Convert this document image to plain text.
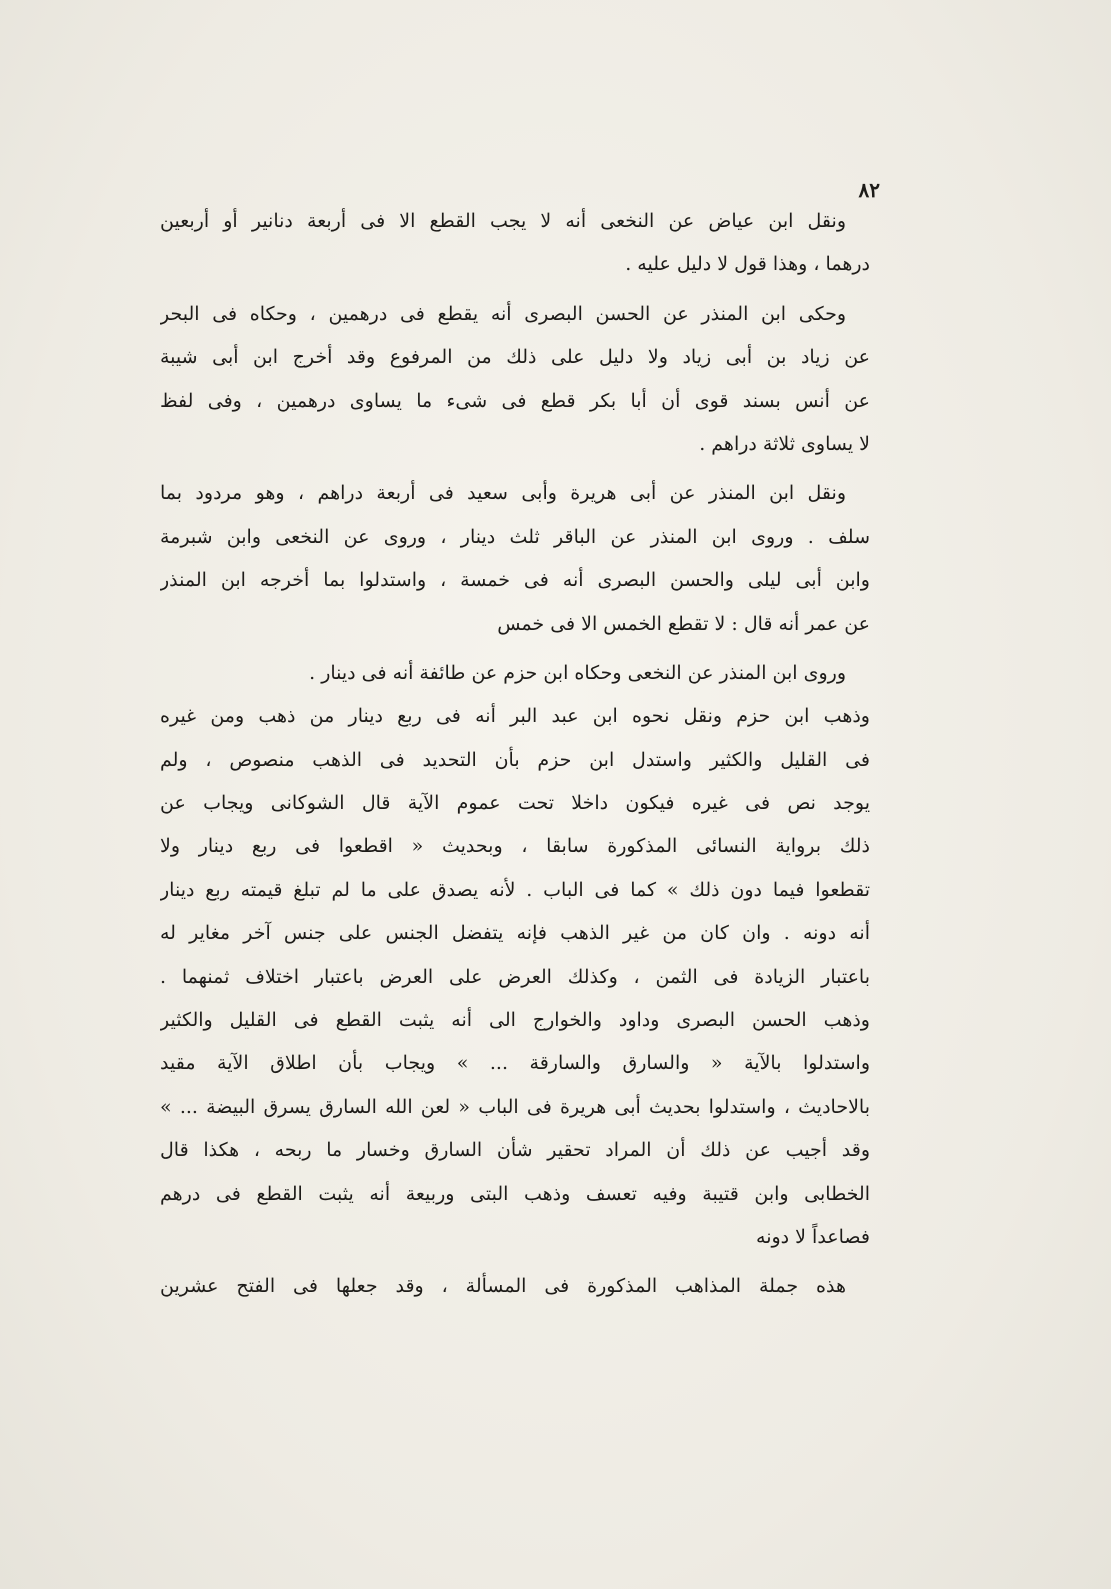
٨٢
ونقل ابن عياض عن النخعى أنه لا يجب القطع الا فى أربعة دنانير أو أربعين
درهما ، وهذا قول لا دليل عليه .
وحكى ابن المنذر عن الحسن البصرى أنه يقطع فى درهمين ، وحكاه فى البحر
عن زياد بن أبى زياد ولا دليل على ذلك من المرفوع وقد أخرج ابن أبى شيبة
عن أنس بسند قوى أن أبا بكر قطع فى شىء ما يساوى درهمين ، وفى لفظ
لا يساوى ثلاثة دراهم .
ونقل ابن المنذر عن أبى هريرة وأبى سعيد فى أربعة دراهم ، وهو مردود بما
سلف . وروى ابن المنذر عن الباقر ثلث دينار ، وروى عن النخعى وابن شبرمة
وابن أبى ليلى والحسن البصرى أنه فى خمسة ، واستدلوا بما أخرجه ابن المنذر
عن عمر أنه قال : لا تقطع الخمس الا فى خمس
وروى ابن المنذر عن النخعى وحكاه ابن حزم عن طائفة أنه فى دينار .
وذهب ابن حزم ونقل نحوه ابن عبد البر أنه فى ربع دينار من ذهب ومن غيره
فى القليل والكثير واستدل ابن حزم بأن التحديد فى الذهب منصوص ، ولم
يوجد نص فى غيره فيكون داخلا تحت عموم الآية قال الشوكانى ويجاب عن
ذلك برواية النسائى المذكورة سابقا ، وبحديث « اقطعوا فى ربع دينار ولا
تقطعوا فيما دون ذلك » كما فى الباب . لأنه يصدق على ما لم تبلغ قيمته ربع دينار
أنه دونه . وان كان من غير الذهب فإنه يتفضل الجنس على جنس آخر مغاير له
باعتبار الزيادة فى الثمن ، وكذلك العرض على العرض باعتبار اختلاف ثمنهما .
وذهب الحسن البصرى وداود والخوارج الى أنه يثبت القطع فى القليل والكثير
واستدلوا بالآية « والسارق والسارقة ... » ويجاب بأن اطلاق الآية مقيد
بالاحاديث ، واستدلوا بحديث أبى هريرة فى الباب « لعن الله السارق يسرق البيضة ... »
وقد أجيب عن ذلك أن المراد تحقير شأن السارق وخسار ما ربحه ، هكذا قال
الخطابى وابن قتيبة وفيه تعسف وذهب البتى وربيعة أنه يثبت القطع فى درهم
فصاعداً لا دونه
هذه جملة المذاهب المذكورة فى المسألة ، وقد جعلها فى الفتح عشرين
